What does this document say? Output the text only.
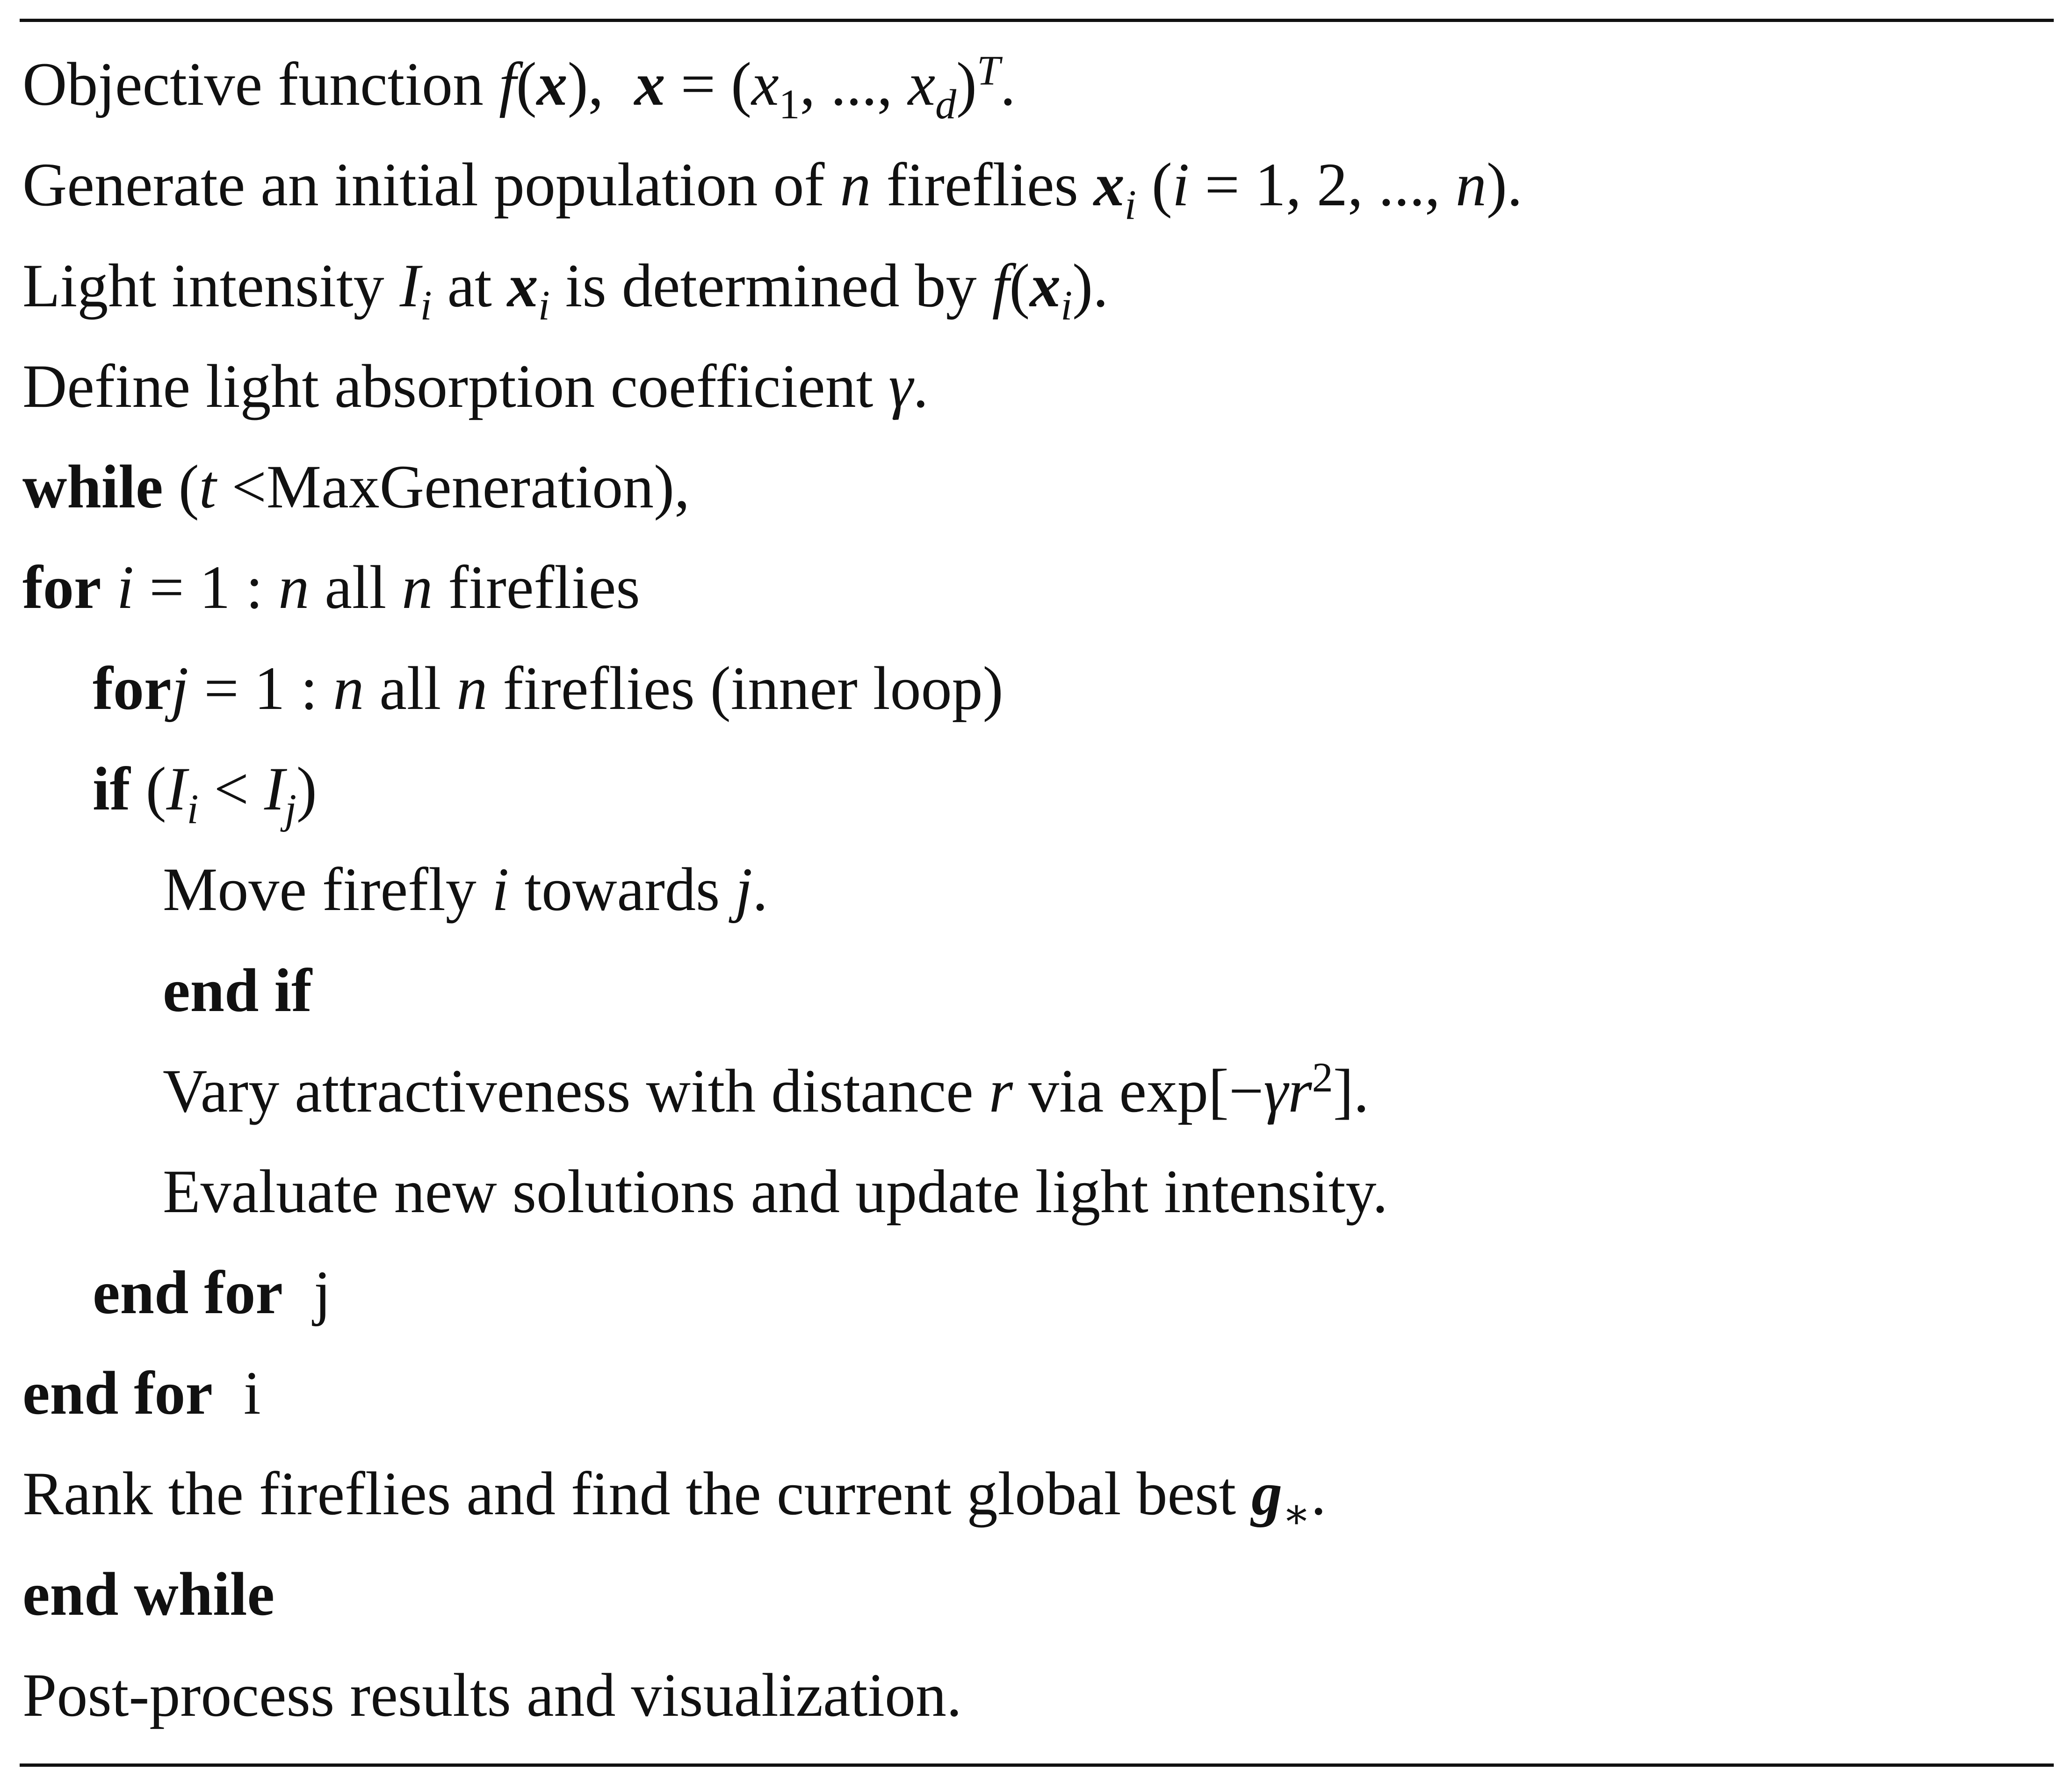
Objective function f(x), $x = (x_1$, ..., $x_d)^T$.
Generate an initial population of n fireflies $x_i$ (i = 1, 2, ..., n).
Light intensity $I_i$ at $x_i$ is determined by $f(x_i)$.
Define light absorption coefficient γ.
while (t <MaxGeneration),
for i = 1 : n all n fireflies
forj = 1 : n all n fireflies (inner loop)
if $(I_i < I_j)$
Move firefly i towards j.
end if
Vary attractiveness with distance r via $\exp[-\gamma r^2]$.
Evaluate new solutions and update light intensity.
end for j
end for i
Rank the fireflies and find the current global best $g_∗$.
end while
Post-process results and visualization.
